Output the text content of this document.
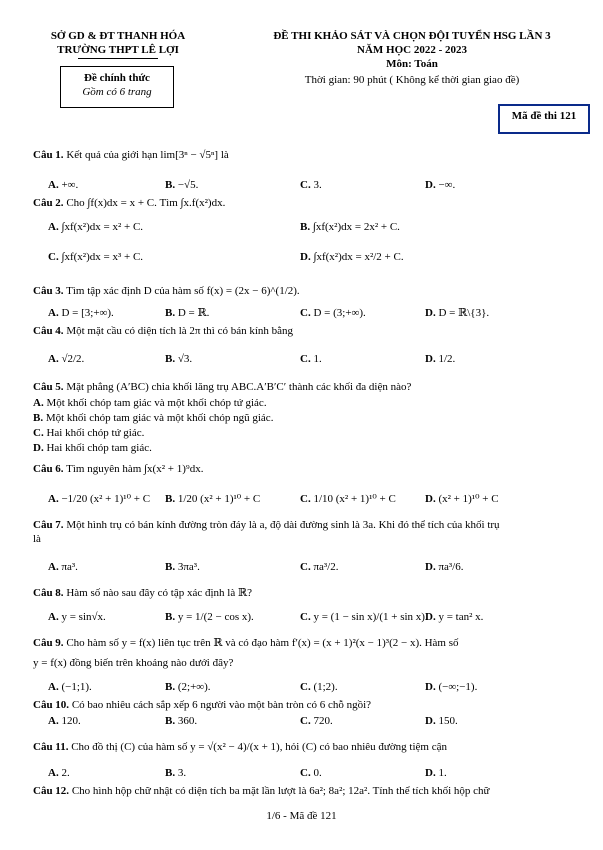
SỞ GD & ĐT THANH HÓA
TRƯỜNG THPT LÊ LỢI
Đề chính thức
Gồm có 6 trang
ĐỀ THI KHẢO SÁT VÀ CHỌN ĐỘI TUYỂN HSG LẦN 3
NĂM HỌC 2022 - 2023
Môn: Toán
Thời gian: 90 phút ( Không kể thời gian giao đề)
Mã đề thi 121
Câu 1. Kết quả của giới hạn lim[3ⁿ − √5ⁿ] là
A. +∞.	B. −√5.	C. 3.	D. −∞.
Câu 2. Cho ∫f(x)dx = x + C. Tìm ∫x.f(x²)dx.
A. ∫xf(x²)dx = x² + C.	B. ∫xf(x²)dx = 2x² + C.
C. ∫xf(x²)dx = x³ + C.	D. ∫xf(x²)dx = x²/2 + C.
Câu 3. Tìm tập xác định D của hàm số f(x) = (2x − 6)^(1/2).
A. D = [3;+∞).	B. D = ℝ.	C. D = (3;+∞).	D. D = ℝ\{3}.
Câu 4. Một mặt cầu có diện tích là 2π thì có bán kính bằng
A. √2/2.	B. √3.	C. 1.	D. 1/2.
Câu 5. Mặt phẳng (A′BC) chia khối lăng trụ ABC.A′B′C′ thành các khối đa diện nào?
A. Một khối chóp tam giác và một khối chóp tứ giác.
B. Một khối chóp tam giác và một khối chóp ngũ giác.
C. Hai khối chóp tứ giác.
D. Hai khối chóp tam giác.
Câu 6. Tìm nguyên hàm ∫x(x² + 1)⁹dx.
A. −1/20 (x² + 1)¹⁰ + C B. 1/20 (x² + 1)¹⁰ + C	C. 1/10 (x² + 1)¹⁰ + C	D. (x² + 1)¹⁰ + C
Câu 7. Một hình trụ có bán kính đường tròn đáy là a, độ dài đường sinh là 3a. Khi đó thể tích của khối trụ
là
A. πa³.	B. 3πa³.	C. πa³/2.	D. πa³/6.
Câu 8. Hàm số nào sau đây có tập xác định là ℝ?
A. y = sin√x.	B. y = 1/(2 − cos x).	C. y = (1 − sin x)/(1 + sin x).
D. y = tan² x.
Câu 9. Cho hàm số y = f(x) liên tục trên ℝ và có đạo hàm f′(x) = (x + 1)²(x − 1)³(2 − x). Hàm số
y = f(x) đồng biến trên khoảng nào dưới đây?
A. (−1;1).	B. (2;+∞).	C. (1;2).	D. (−∞;−1).
Câu 10. Có bao nhiêu cách sắp xếp 6 người vào một bàn tròn có 6 chỗ ngồi?
A. 120.	B. 360.	C. 720.	D. 150.
Câu 11. Cho đồ thị (C) của hàm số y = √(x² − 4)/(x + 1), hỏi (C) có bao nhiêu đường tiệm cận
A. 2.	B. 3.	C. 0.	D. 1.
Câu 12. Cho hình hộp chữ nhật có diện tích ba mặt lần lượt là 6a²; 8a²; 12a². Tính thể tích khối hộp chữ
1/6 - Mã đề 121
